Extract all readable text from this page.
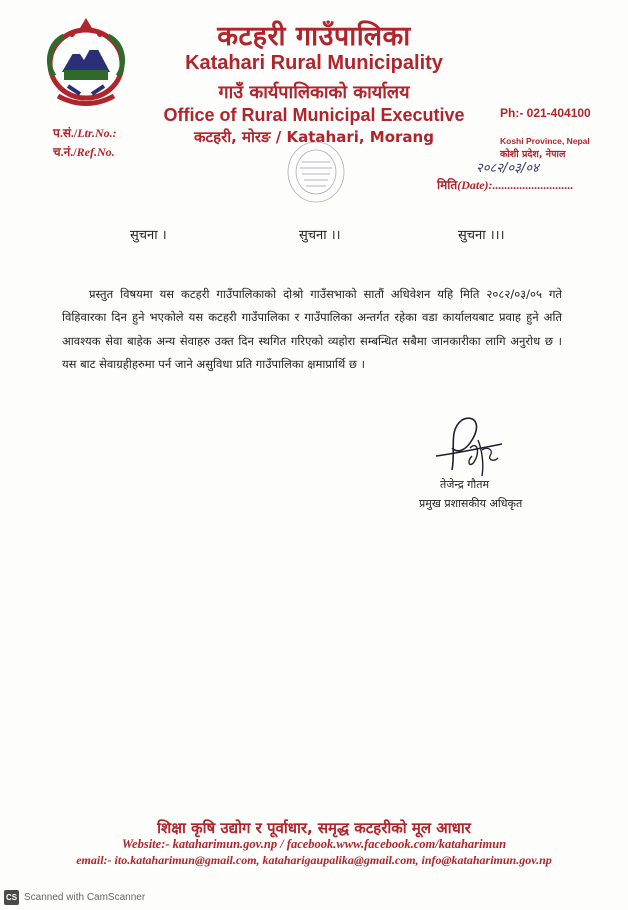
कटहरी गाउँपालिका
Katahari Rural Municipality
गाउँ कार्यपालिकाको कार्यालय
Office of Rural Municipal Executive
कटहरी, मोरङ / Katahari, Morang
प.सं./Ltr.No.:
च.नं./Ref.No.
Ph:- 021-404100
Koshi Province, Nepal
कोशी प्रदेश, नेपाल
२०८२/०३/०४
मिति(Date):...........................
सुचना ।	सुचना ।।	सुचना ।।।
प्रस्तुत विषयमा यस कटहरी गाउँपालिकाको दोश्रो गाउँसभाको सातौं अधिवेशन यहि मिति २०८२/०३/०५ गते विहिवारका दिन हुने भएकोले यस कटहरी गाउँपालिका र गाउँपालिका अन्तर्गत रहेका वडा कार्यालयबाट प्रवाह हुने अति आवश्यक सेवा बाहेक अन्य सेवाहरु उक्त दिन स्थगित गरिएको व्यहोरा सम्बन्धित सबैमा जानकारीका लागि अनुरोध छ । यस बाट सेवाग्रहीहरुमा पर्न जाने असुविधा प्रति गाउँपालिका क्षमाप्रार्थि छ ।
तेजेन्द्र गौतम
प्रमुख प्रशासकीय अधिकृत
शिक्षा कृषि उद्योग र पूर्वाधार, समृद्ध कटहरीको मूल आधार
Website:- kataharimun.gov.np / facebook.www.facebook.com/kataharimun
email:- ito.kataharimun@gmail.com, kataharigaupalika@gmail.com, info@kataharimun.gov.np
CS Scanned with CamScanner
